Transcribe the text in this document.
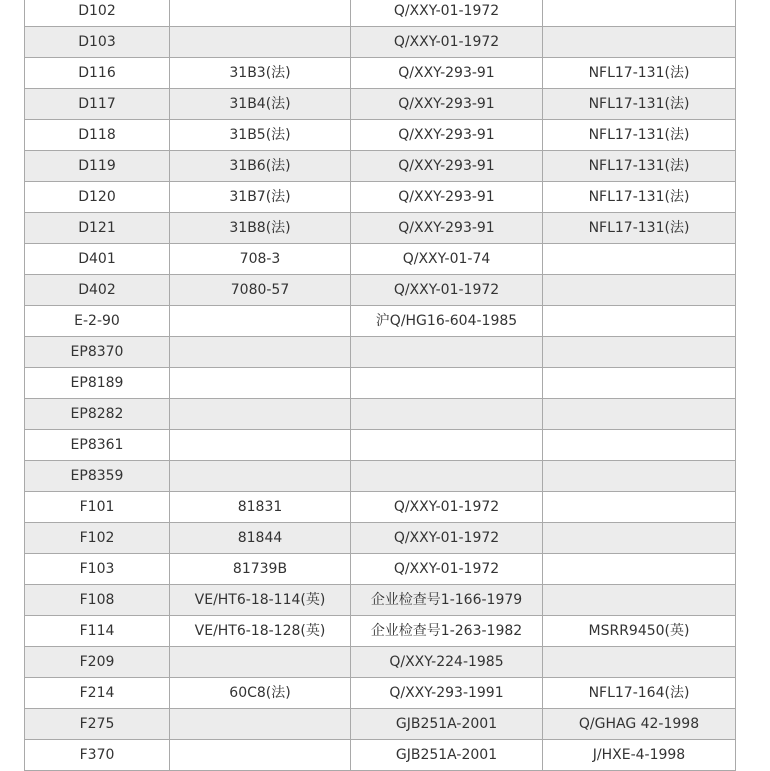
D102		Q/XXY-01-1972	
D103		Q/XXY-01-1972	
D116	31B3(法)	Q/XXY-293-91	NFL17-131(法)
D117	31B4(法)	Q/XXY-293-91	NFL17-131(法)
D118	31B5(法)	Q/XXY-293-91	NFL17-131(法)
D119	31B6(法)	Q/XXY-293-91	NFL17-131(法)
D120	31B7(法)	Q/XXY-293-91	NFL17-131(法)
D121	31B8(法)	Q/XXY-293-91	NFL17-131(法)
D401	708-3	Q/XXY-01-74	
D402	7080-57	Q/XXY-01-1972	
E-2-90		沪Q/HG16-604-1985	
EP8370			
EP8189			
EP8282			
EP8361			
EP8359			
F101	81831	Q/XXY-01-1972	
F102	81844	Q/XXY-01-1972	
F103	81739B	Q/XXY-01-1972	
F108	VE/HT6-18-114(英)	企业检查号1-166-1979	
F114	VE/HT6-18-128(英)	企业检查号1-263-1982	MSRR9450(英)
F209		Q/XXY-224-1985	
F214	60C8(法)	Q/XXY-293-1991	NFL17-164(法)
F275		GJB251A-2001	Q/GHAG 42-1998
F370		GJB251A-2001	J/HXE-4-1998
